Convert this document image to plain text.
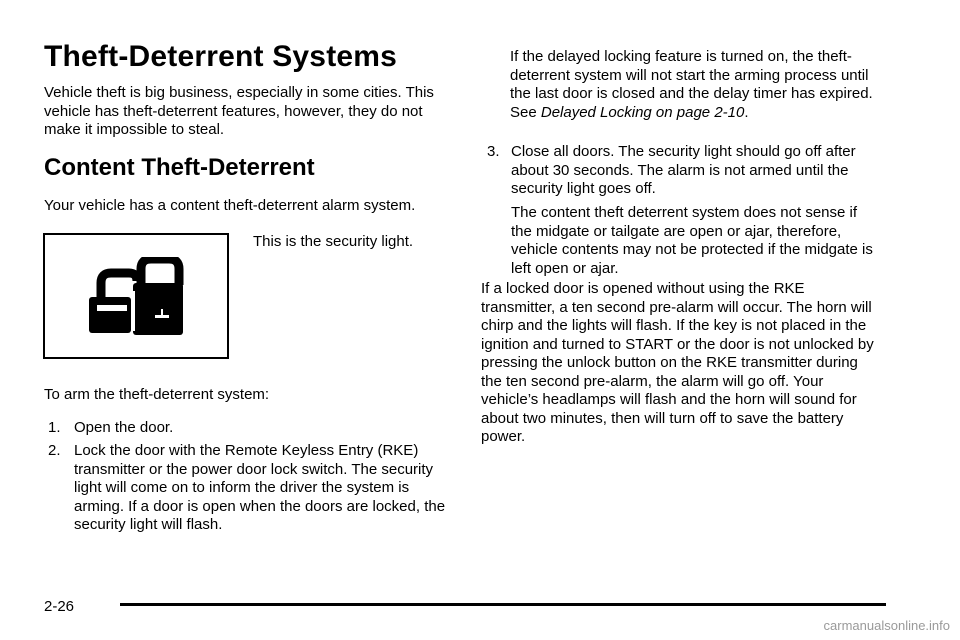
Theft-Deterrent Systems

Vehicle theft is big business, especially in some cities. This vehicle has theft-deterrent features, however, they do not make it impossible to steal.

Content Theft-Deterrent

Your vehicle has a content theft-deterrent alarm system.

This is the security light.

To arm the theft-deterrent system:

1. Open the door.

2. Lock the door with the Remote Keyless Entry (RKE) transmitter or the power door lock switch. The security light will come on to inform the driver the system is arming. If a door is open when the doors are locked, the security light will flash.

If the delayed locking feature is turned on, the theft-deterrent system will not start the arming process until the last door is closed and the delay timer has expired. See Delayed Locking on page 2-10.

3. Close all doors. The security light should go off after about 30 seconds. The alarm is not armed until the security light goes off.

The content theft deterrent system does not sense if the midgate or tailgate are open or ajar, therefore, vehicle contents may not be protected if the midgate is left open or ajar.

If a locked door is opened without using the RKE transmitter, a ten second pre-alarm will occur. The horn will chirp and the lights will flash. If the key is not placed in the ignition and turned to START or the door is not unlocked by pressing the unlock button on the RKE transmitter during the ten second pre-alarm, the alarm will go off. Your vehicle’s headlamps will flash and the horn will sound for about two minutes, then will turn off to save the battery power.

2-26
carmanualsonline.info
